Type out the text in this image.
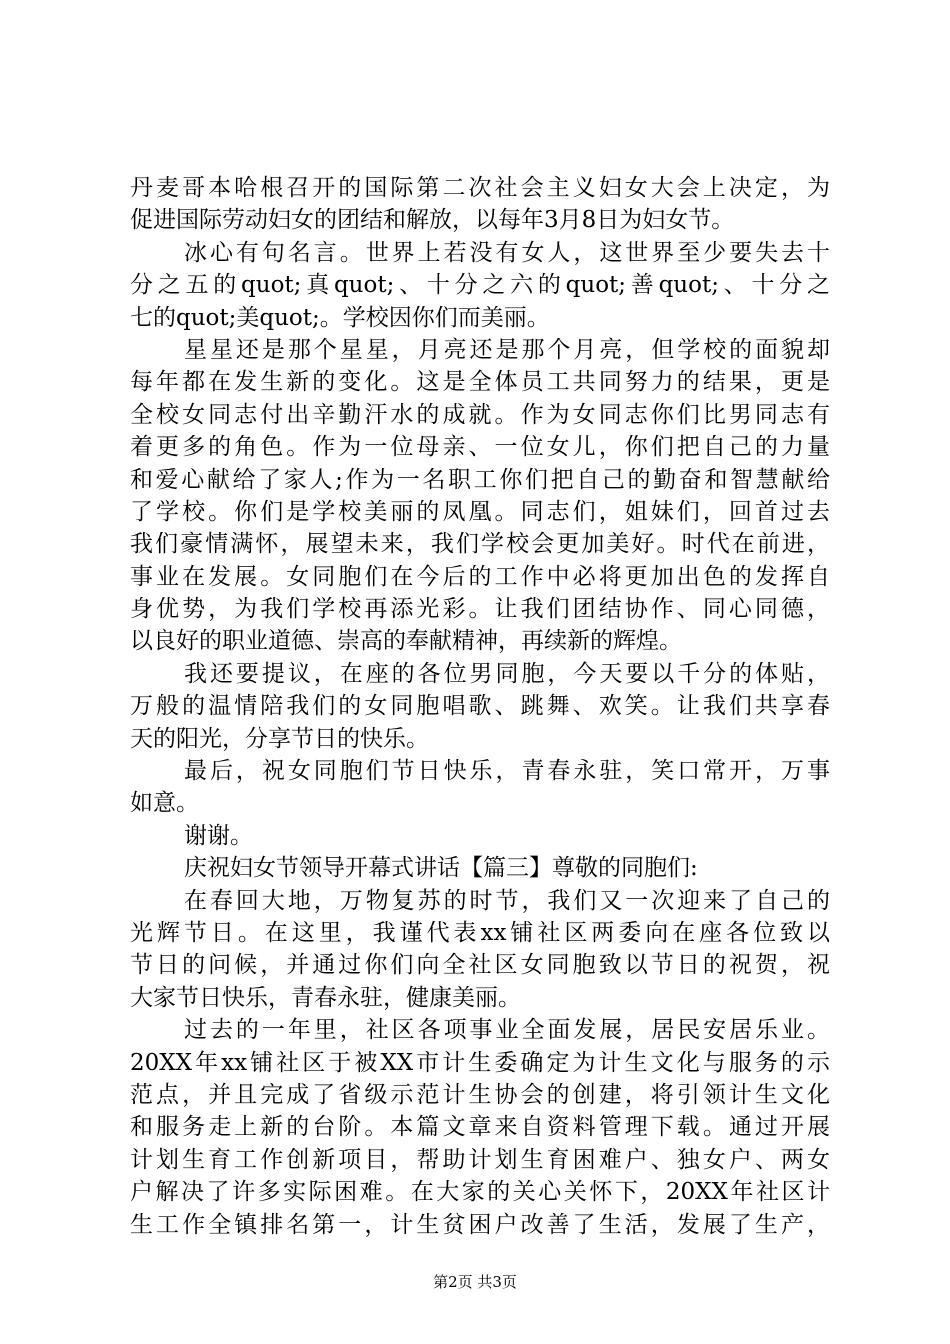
丹麦哥本哈根召开的国际第二次社会主义妇女大会上决定，为
促进国际劳动妇女的团结和解放，以每年3月8日为妇女节。
冰心有句名言。世界上若没有女人，这世界至少要失去十
分之五的quot;真quot;、十分之六的quot;善quot;、十分之
七的quot;美quot;。学校因你们而美丽。
星星还是那个星星，月亮还是那个月亮，但学校的面貌却
每年都在发生新的变化。这是全体员工共同努力的结果，更是
全校女同志付出辛勤汗水的成就。作为女同志你们比男同志有
着更多的角色。作为一位母亲、一位女儿，你们把自己的力量
和爱心献给了家人;作为一名职工你们把自己的勤奋和智慧献给
了学校。你们是学校美丽的凤凰。同志们，姐妹们，回首过去
我们豪情满怀，展望未来，我们学校会更加美好。时代在前进，
事业在发展。女同胞们在今后的工作中必将更加出色的发挥自
身优势，为我们学校再添光彩。让我们团结协作、同心同德，
以良好的职业道德、崇高的奉献精神，再续新的辉煌。
我还要提议，在座的各位男同胞，今天要以千分的体贴，
万般的温情陪我们的女同胞唱歌、跳舞、欢笑。让我们共享春
天的阳光，分享节日的快乐。
最后，祝女同胞们节日快乐，青春永驻，笑口常开，万事
如意。
谢谢。
庆祝妇女节领导开幕式讲话【篇三】尊敬的同胞们:
在春回大地，万物复苏的时节，我们又一次迎来了自己的
光辉节日。在这里，我谨代表xx铺社区两委向在座各位致以
节日的问候，并通过你们向全社区女同胞致以节日的祝贺，祝
大家节日快乐，青春永驻，健康美丽。
过去的一年里，社区各项事业全面发展，居民安居乐业。
20XX年xx铺社区于被XX市计生委确定为计生文化与服务的示
范点，并且完成了省级示范计生协会的创建，将引领计生文化
和服务走上新的台阶。本篇文章来自资料管理下载。通过开展
计划生育工作创新项目，帮助计划生育困难户、独女户、两女
户解决了许多实际困难。在大家的关心关怀下，20XX年社区计
生工作全镇排名第一，计生贫困户改善了生活，发展了生产，
第2页 共3页
